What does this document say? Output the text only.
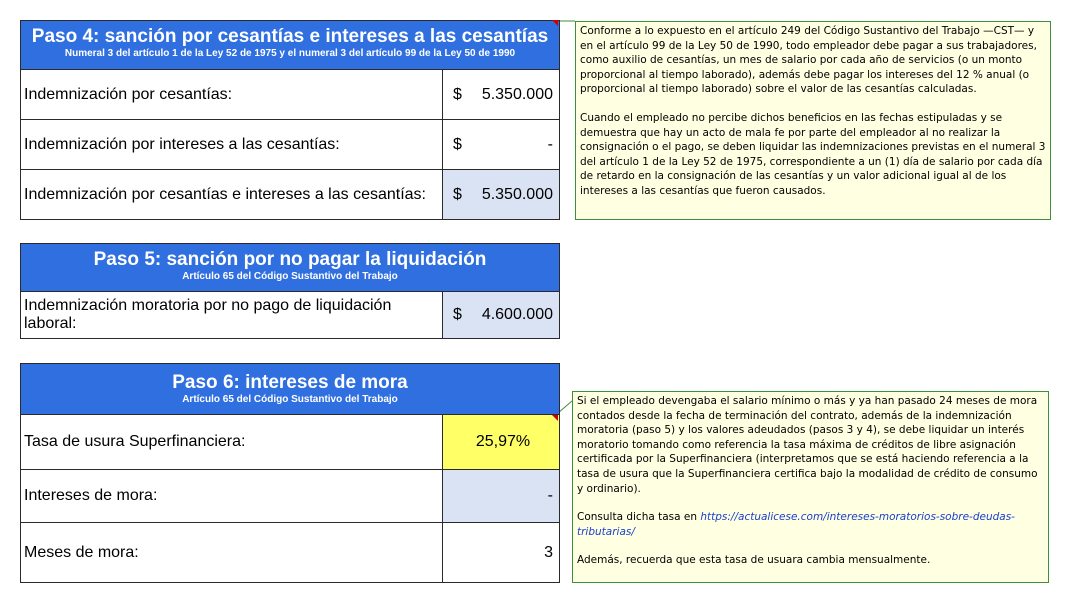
Paso 4: sanción por cesantías e intereses a las cesantías
Numeral 3 del artículo 1 de la Ley 52 de 1975 y el numeral 3 del artículo 99 de la Ley 50 de 1990
Indemnización por cesantías:	$	5.350.000
Indemnización por intereses a las cesantías:	$	-
Indemnización por cesantías e intereses a las cesantías:	$	5.350.000
Paso 5: sanción por no pagar la liquidación
Artículo 65 del Código Sustantivo del Trabajo
Indemnización moratoria por no pago de liquidación laboral:
$	4.600.000
Paso 6: intereses de mora
Artículo 65 del Código Sustantivo del Trabajo
Tasa de usura Superfinanciera:	25,97%
Intereses de mora:	-
Meses de mora:	3

Conforme a lo expuesto en el artículo 249 del Código Sustantivo del Trabajo —CST— y en el artículo 99 de la Ley 50 de 1990, todo empleador debe pagar a sus trabajadores, como auxilio de cesantías, un mes de salario por cada año de servicios (o un monto proporcional al tiempo laborado), además debe pagar los intereses del 12 % anual (o proporcional al tiempo laborado) sobre el valor de las cesantías calculadas.

Cuando el empleado no percibe dichos beneficios en las fechas estipuladas y se demuestra que hay un acto de mala fe por parte del empleador al no realizar la consignación o el pago, se deben liquidar las indemnizaciones previstas en el numeral 3 del artículo 1 de la Ley 52 de 1975, correspondiente a un (1) día de salario por cada día de retardo en la consignación de las cesantías y un valor adicional igual al de los intereses a las cesantías que fueron causados.

Si el empleado devengaba el salario mínimo o más y ya han pasado 24 meses de mora contados desde la fecha de terminación del contrato, además de la indemnización moratoria (paso 5) y los valores adeudados (pasos 3 y 4), se debe liquidar un interés moratorio tomando como referencia la tasa máxima de créditos de libre asignación certificada por la Superfinanciera (interpretamos que se está haciendo referencia a la tasa de usura que la Superfinanciera certifica bajo la modalidad de crédito de consumo y ordinario).

Consulta dicha tasa en https://actualicese.com/intereses-moratorios-sobre-deudas-tributarias/

Además, recuerda que esta tasa de usuara cambia mensualmente.
